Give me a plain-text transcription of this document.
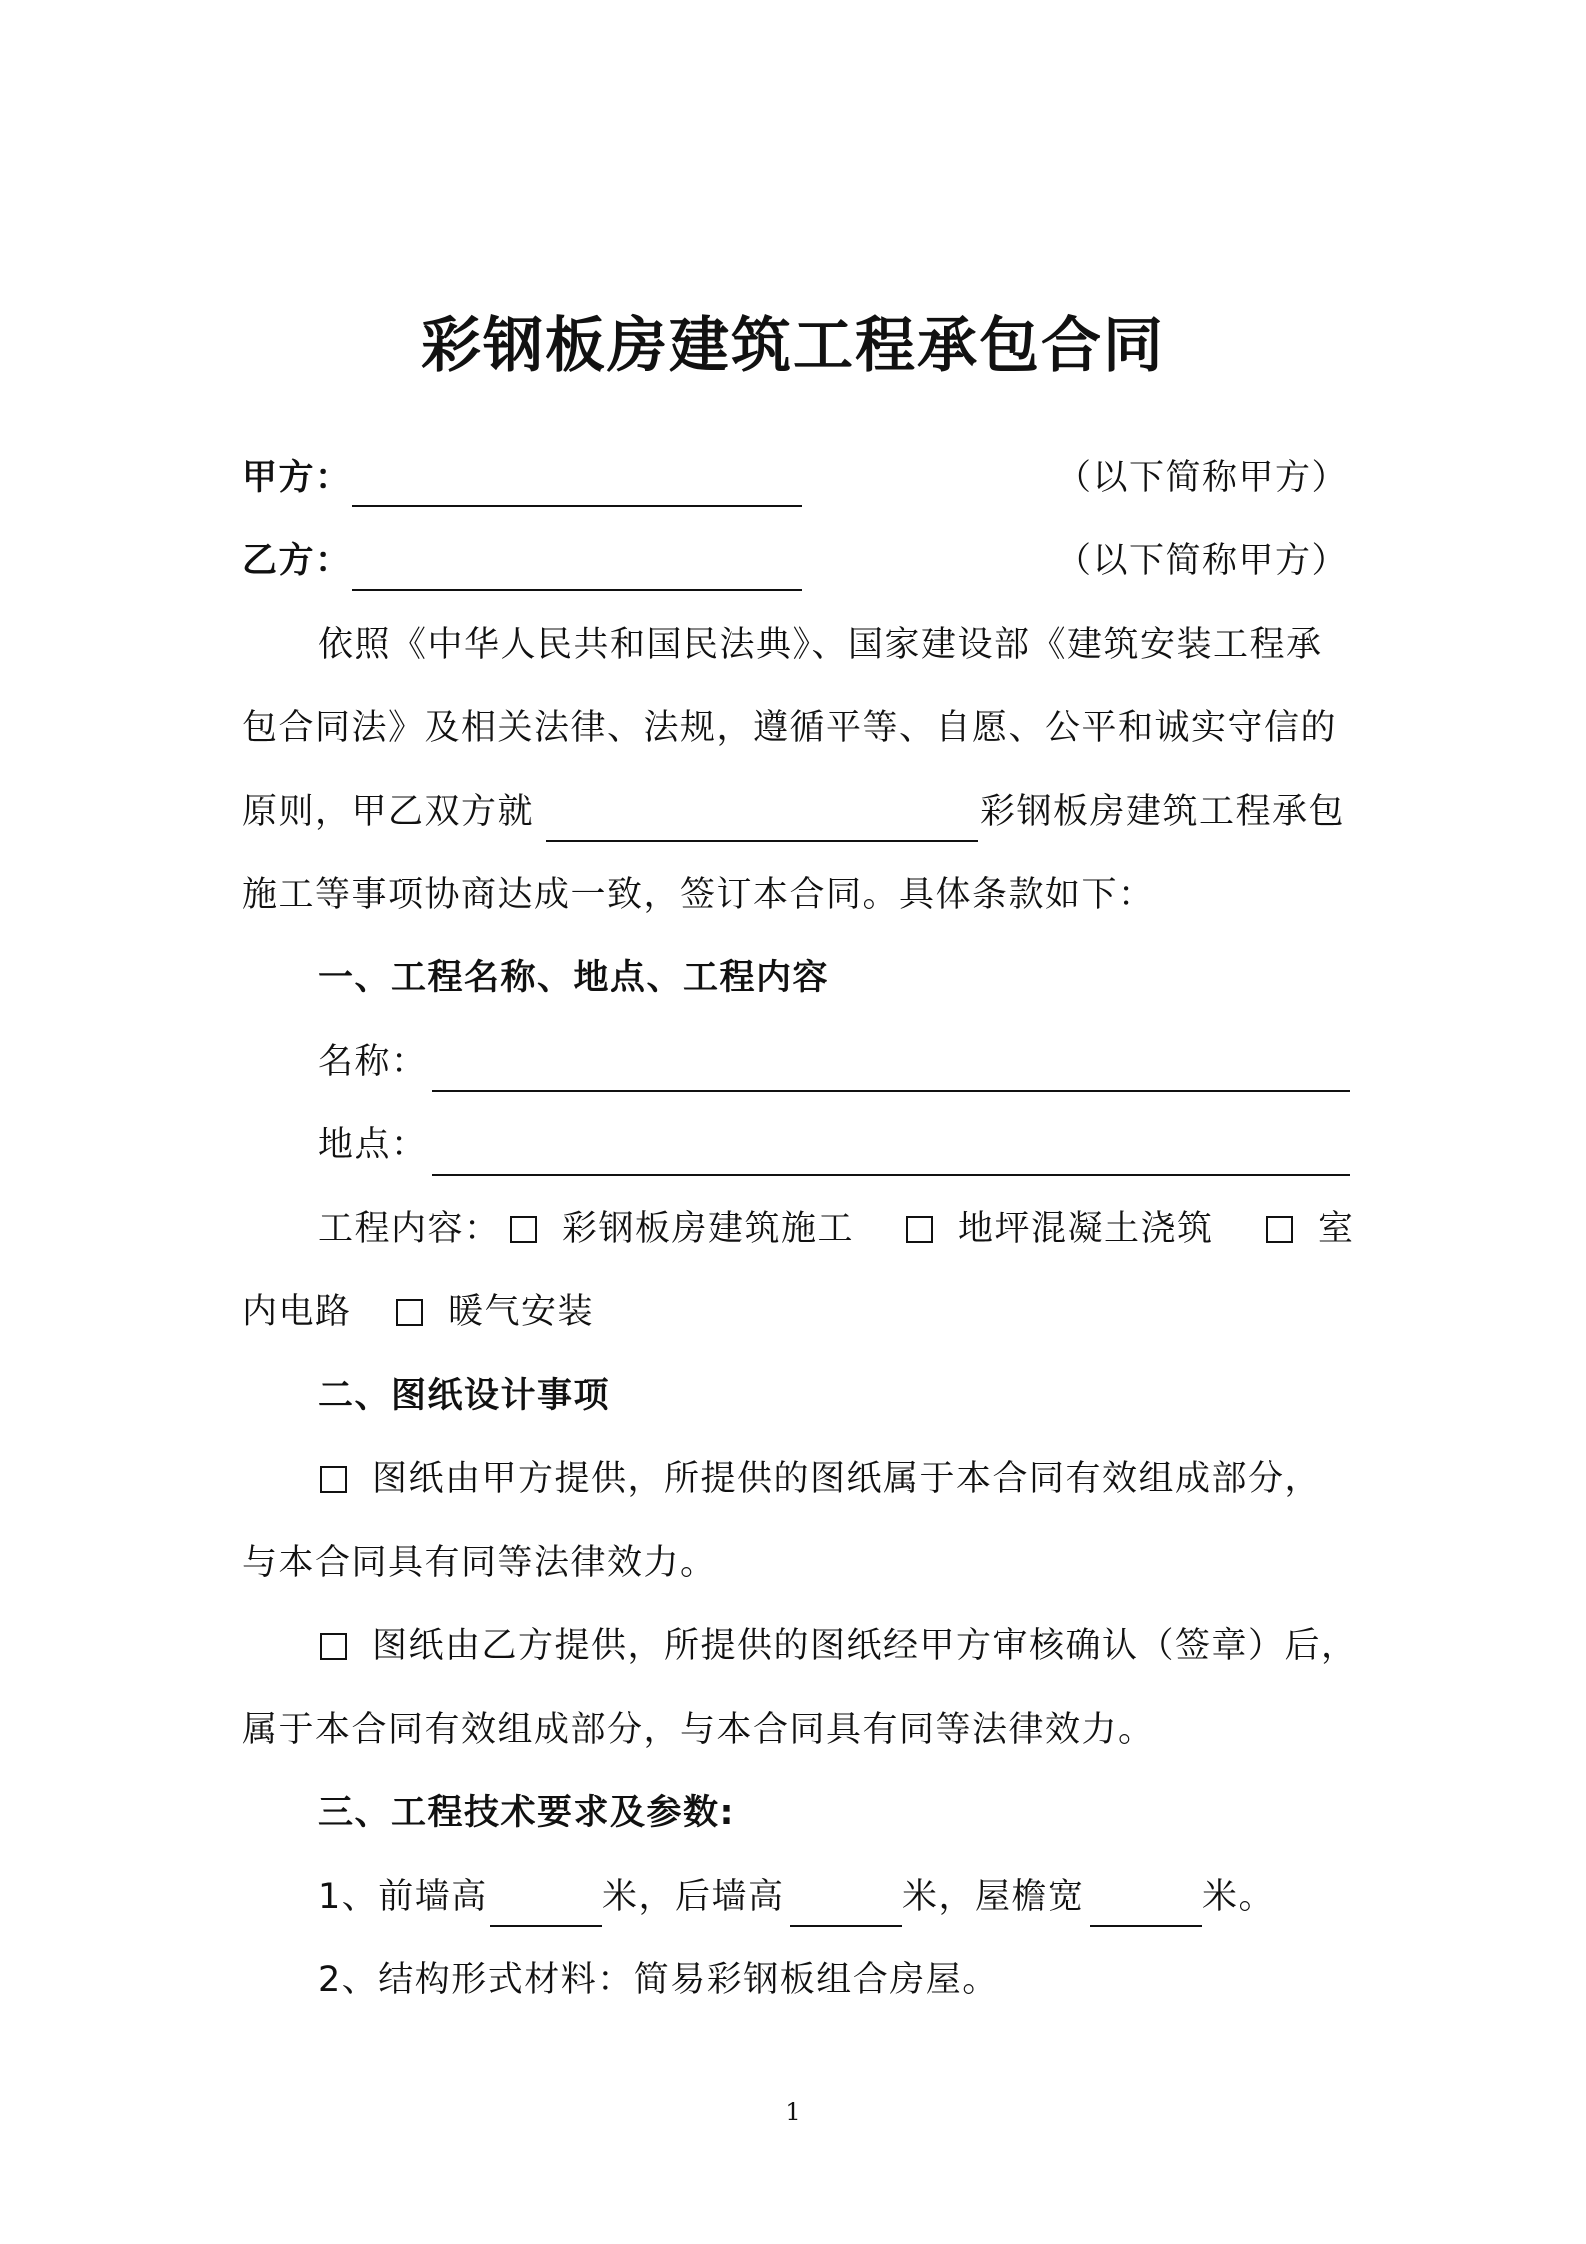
彩钢板房建筑工程承包合同
甲方：	（以下简称甲方）
乙方：	（以下简称甲方）
依照《中华人民共和国民法典》、国家建设部《建筑安装工程承
包合同法》及相关法律、法规，遵循平等、自愿、公平和诚实守信的
原则，甲乙双方就	彩钢板房建筑工程承包
施工等事项协商达成一致，签订本合同。具体条款如下：
一、工程名称、地点、工程内容
名称：
地点：
工程内容： 彩钢板房建筑施工	地坪混凝土浇筑	室
内电路	暖气安装
二、图纸设计事项
图纸由甲方提供，所提供的图纸属于本合同有效组成部分，
与本合同具有同等法律效力。
图纸由乙方提供，所提供的图纸经甲方审核确认（签章）后，
属于本合同有效组成部分，与本合同具有同等法律效力。
三、工程技术要求及参数:
1、前墙高	米，后墙高	米，屋檐宽	米。
2、结构形式材料：简易彩钢板组合房屋。
1
